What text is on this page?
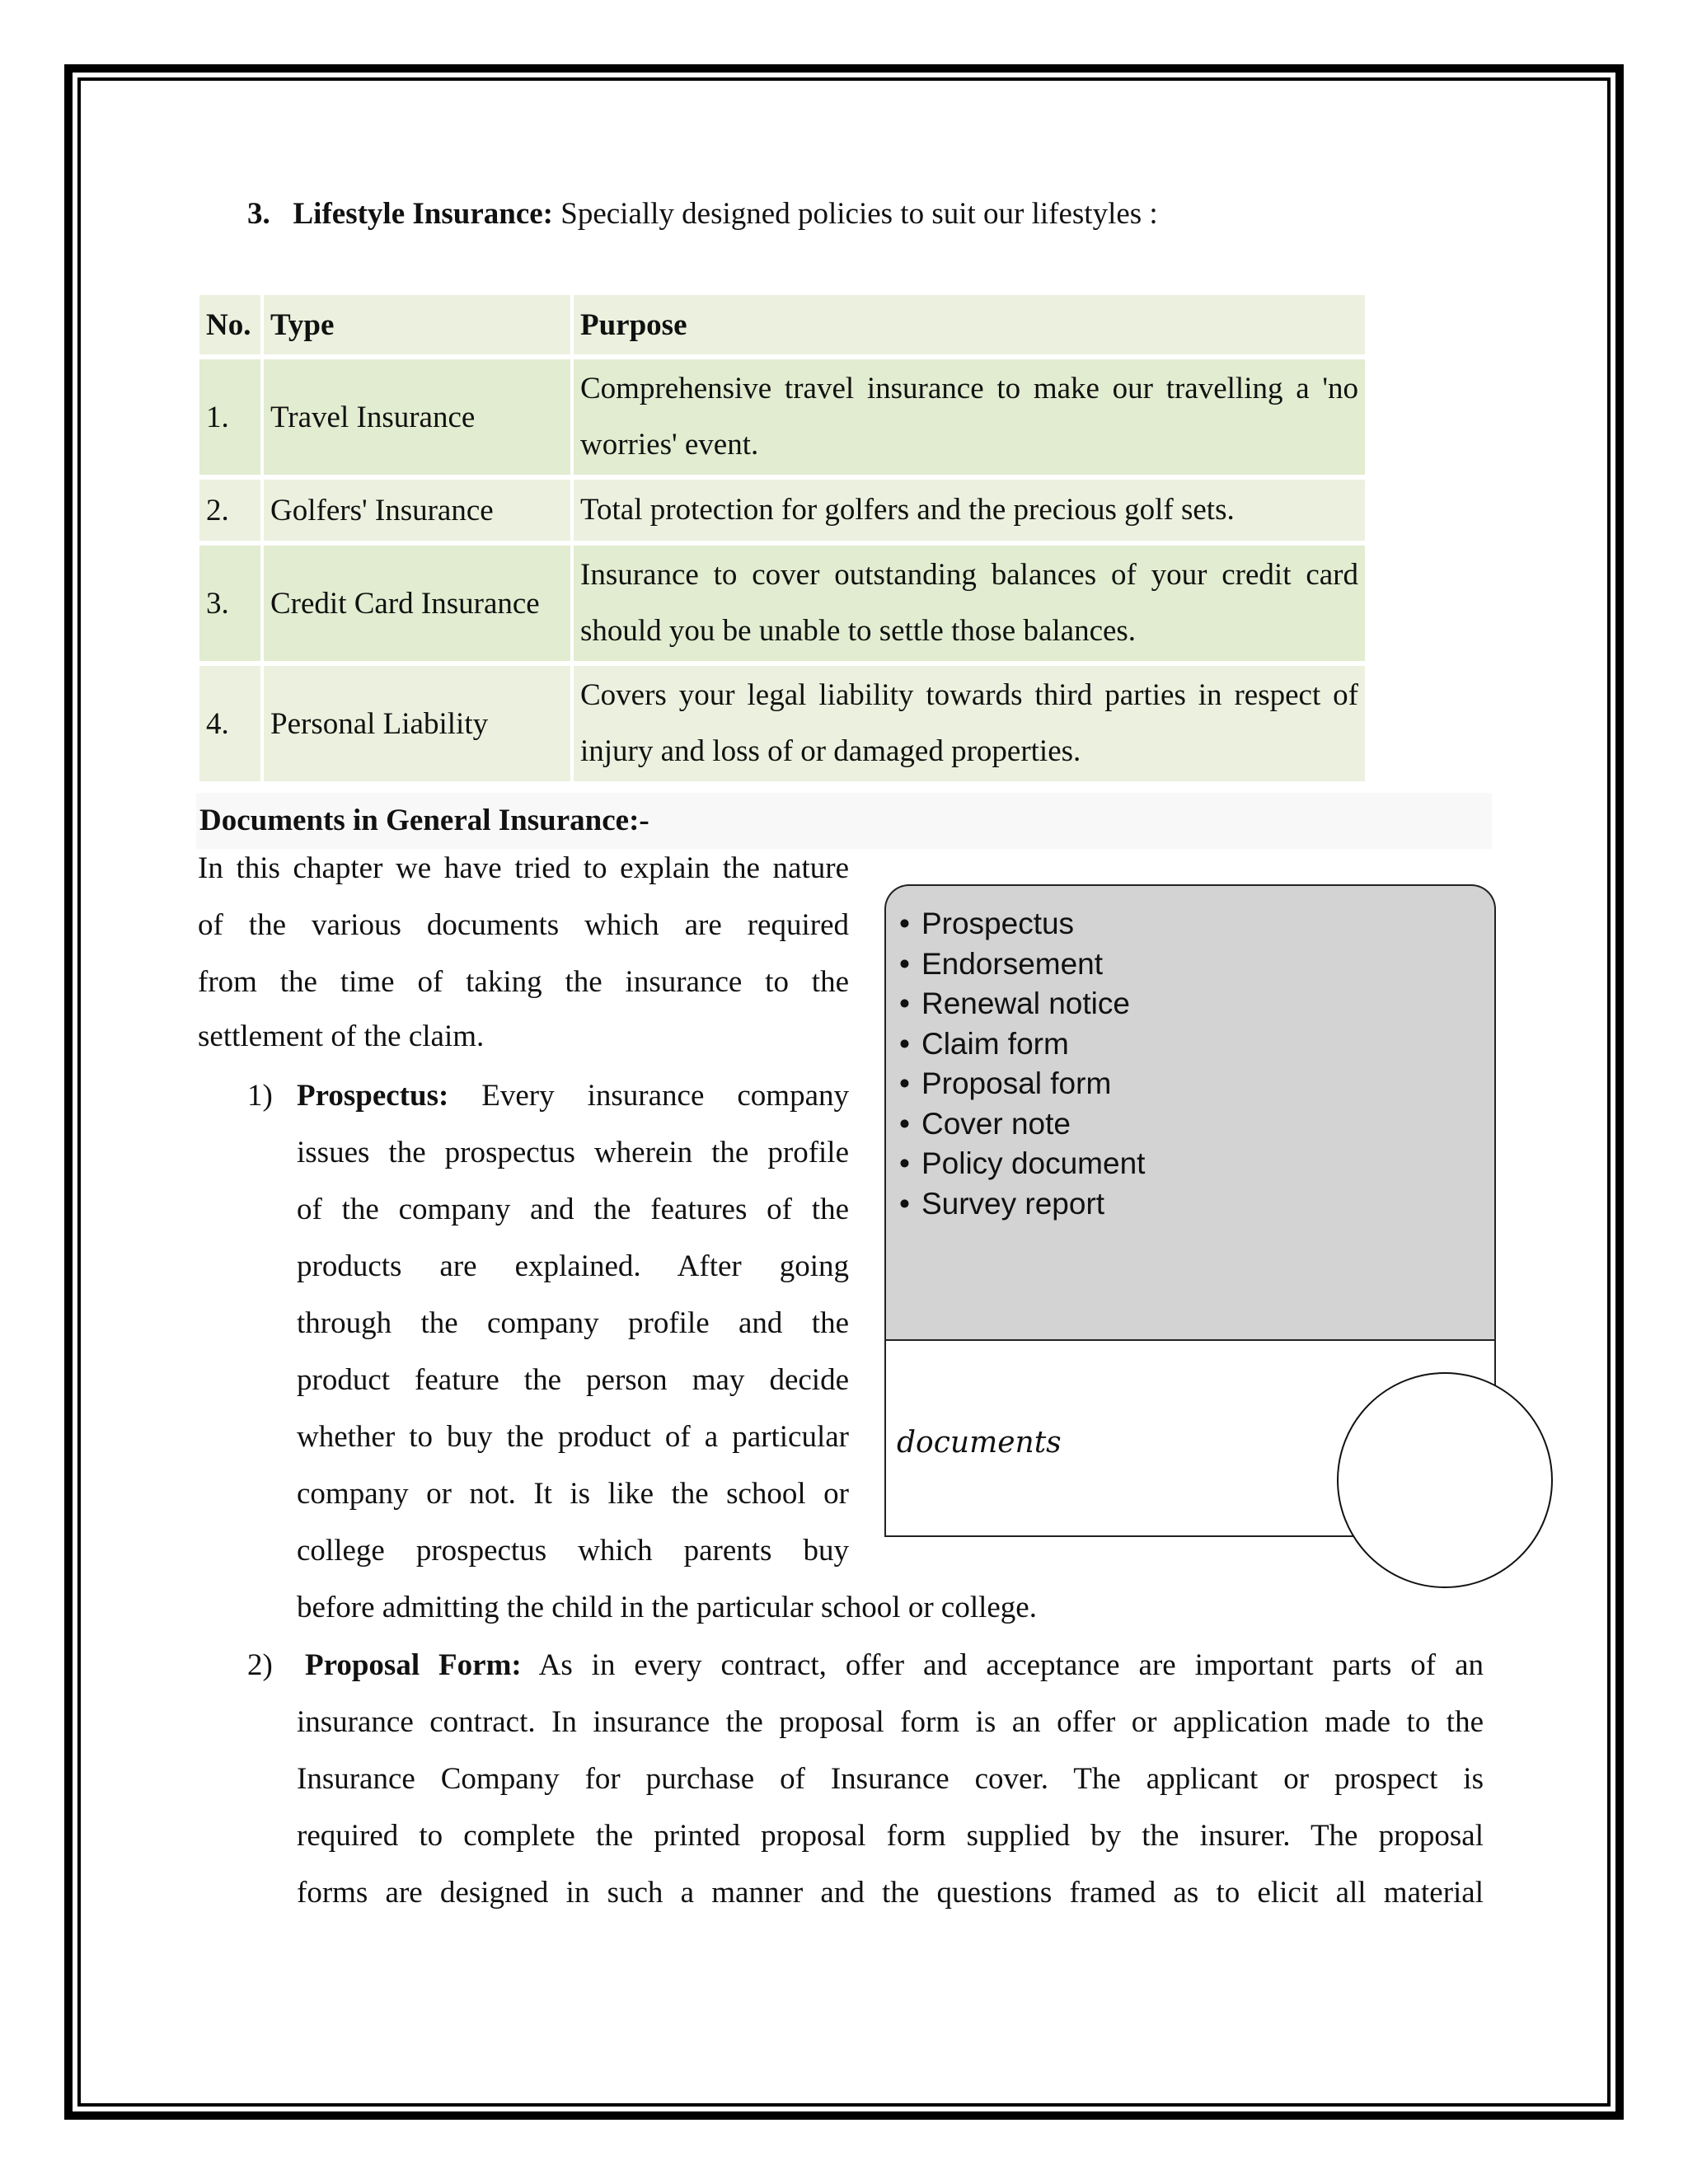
3. Lifestyle Insurance: Specially designed policies to suit our lifestyles :
No.	Type	Purpose

1.	Travel Insurance	Comprehensive travel insurance to make our travelling a 'no worries' event.

2.	Golfers' Insurance	Total protection for golfers and the precious golf sets.

3.	Credit Card Insurance	Insurance to cover outstanding balances of your credit card should you be unable to settle those balances.

4.	Personal Liability	Covers your legal liability towards third parties in respect of injury and loss of or damaged properties.
Documents in General Insurance:-
In this chapter we have tried to explain the nature
of the various documents which are required
from the time of taking the insurance to the
settlement of the claim.
1) Prospectus: Every insurance company
issues the prospectus wherein the profile
of the company and the features of the
products are explained. After going
through the company profile and the
product feature the person may decide
whether to buy the product of a particular
company or not. It is like the school or
college prospectus which parents buy
before admitting the child in the particular school or college.
2) Proposal Form: As in every contract, offer and acceptance are important parts of an
insurance contract. In insurance the proposal form is an offer or application made to the
Insurance Company for purchase of Insurance cover. The applicant or prospect is
required to complete the printed proposal form supplied by the insurer. The proposal
forms are designed in such a manner and the questions framed as to elicit all material
• Prospectus
• Endorsement
• Renewal notice
• Claim form
• Proposal form
• Cover note
• Policy document
• Survey report
documents
